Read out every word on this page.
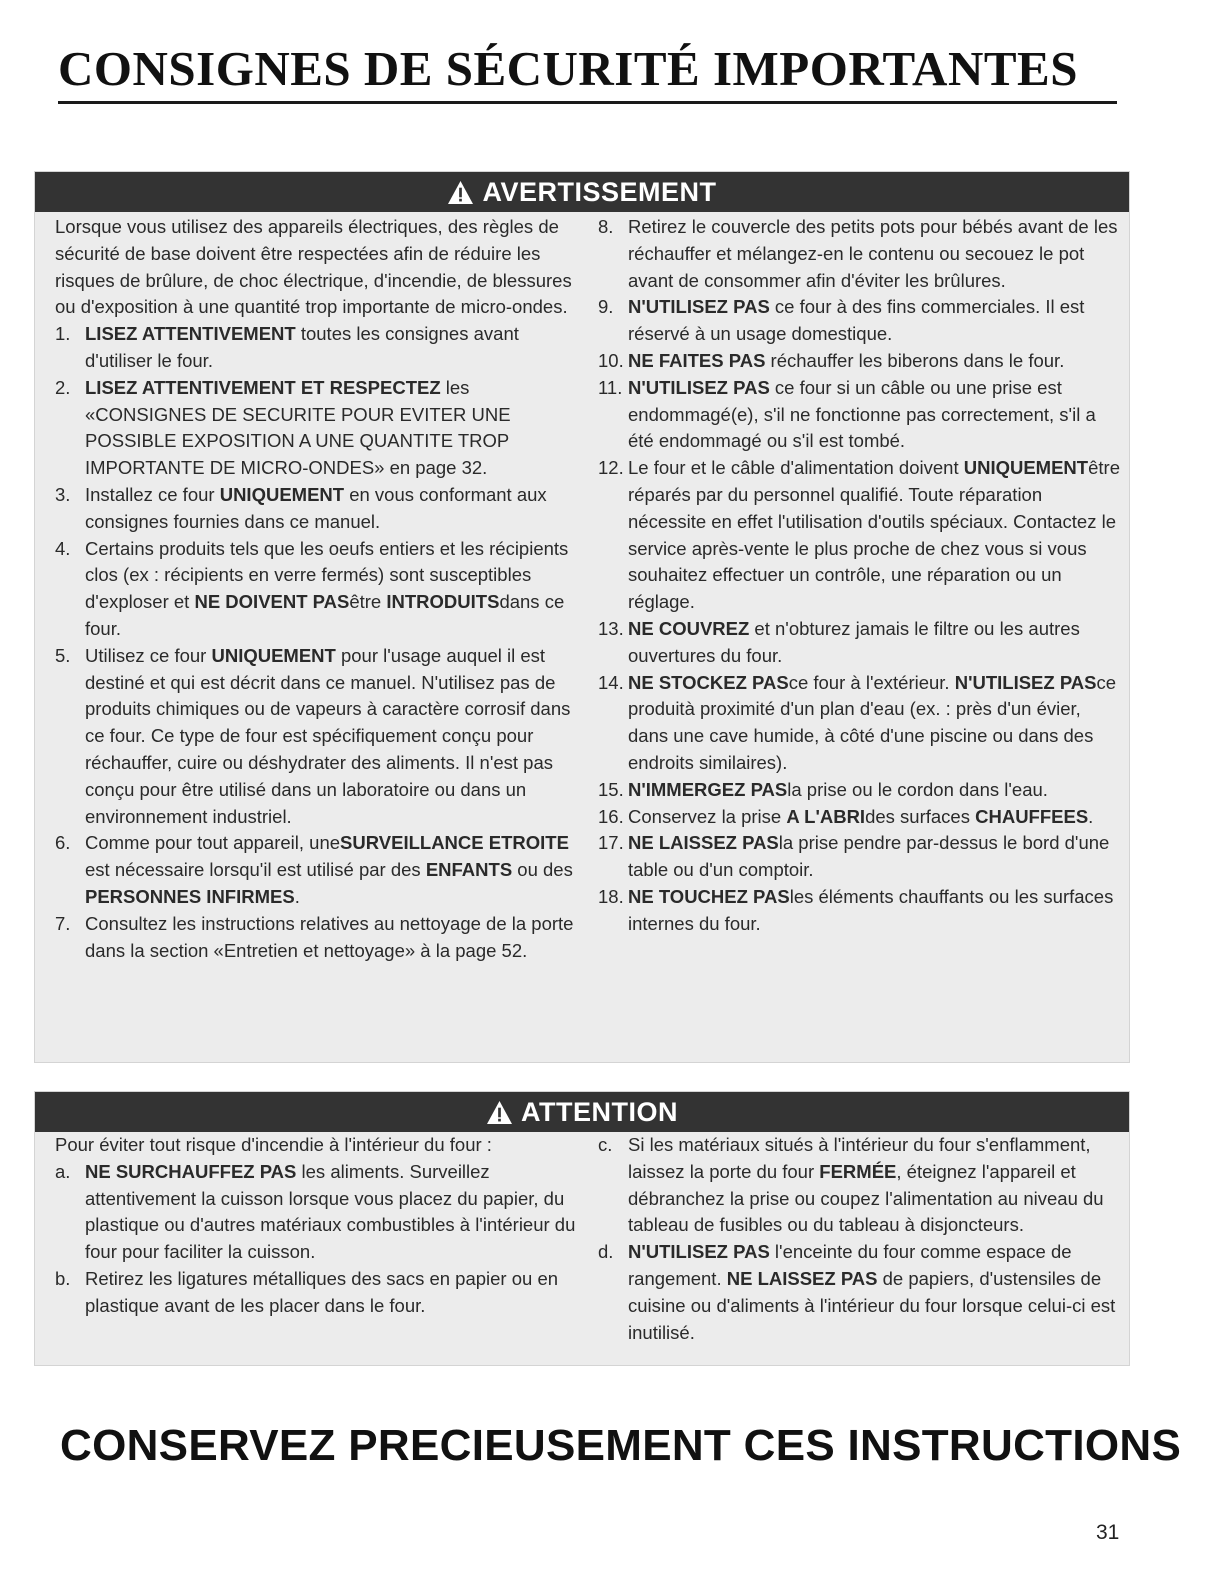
CONSIGNES DE SÉCURITÉ IMPORTANTES
AVERTISSEMENT
Lorsque vous utilisez des appareils électriques, des règles de sécurité de base doivent être respectées afin de réduire les risques de brûlure, de choc électrique, d'incendie, de blessures ou d'exposition à une quantité trop importante de micro-ondes.
1. LISEZ ATTENTIVEMENT toutes les consignes avant d'utiliser le four.
2. LISEZ ATTENTIVEMENT ET RESPECTEZ les «CONSIGNES DE SECURITE POUR EVITER UNE POSSIBLE EXPOSITION A UNE QUANTITE TROP IMPORTANTE DE MICRO-ONDES» en page 32.
3. Installez ce four UNIQUEMENT en vous conformant aux consignes fournies dans ce manuel.
4. Certains produits tels que les oeufs entiers et les récipients clos (ex : récipients en verre fermés) sont susceptibles d'exploser et NE DOIVENT PASêtre INTRODUITSdans ce four.
5. Utilisez ce four UNIQUEMENT pour l'usage auquel il est destiné et qui est décrit dans ce manuel. N'utilisez pas de produits chimiques ou de vapeurs à caractère corrosif dans ce four. Ce type de four est spécifiquement conçu pour réchauffer, cuire ou déshydrater des aliments. Il n'est pas conçu pour être utilisé dans un laboratoire ou dans un environnement industriel.
6. Comme pour tout appareil, uneSURVEILLANCE ETROITE est nécessaire lorsqu'il est utilisé par des ENFANTS ou des PERSONNES INFIRMES.
7. Consultez les instructions relatives au nettoyage de la porte dans la section «Entretien et nettoyage» à la page 52.
8. Retirez le couvercle des petits pots pour bébés avant de les réchauffer et mélangez-en le contenu ou secouez le pot avant de consommer afin d'éviter les brûlures.
9. N'UTILISEZ PAS ce four à des fins commerciales. Il est réservé à un usage domestique.
10. NE FAITES PAS réchauffer les biberons dans le four.
11. N'UTILISEZ PAS ce four si un câble ou une prise est endommagé(e), s'il ne fonctionne pas correctement, s'il a été endommagé ou s'il est tombé.
12. Le four et le câble d'alimentation doivent UNIQUEMENTêtre réparés par du personnel qualifié. Toute réparation nécessite en effet l'utilisation d'outils spéciaux. Contactez le service après-vente le plus proche de chez vous si vous souhaitez effectuer un contrôle, une réparation ou un réglage.
13. NE COUVREZ et n'obturez jamais le filtre ou les autres ouvertures du four.
14. NE STOCKEZ PASce four à l'extérieur. N'UTILISEZ PASce produità proximité d'un plan d'eau (ex. : près d'un évier, dans une cave humide, à côté d'une piscine ou dans des endroits similaires).
15. N'IMMERGEZ PASla prise ou le cordon dans l'eau.
16. Conservez la prise A L'ABRIdes surfaces CHAUFFEES.
17. NE LAISSEZ PASla prise pendre par-dessus le bord d'une table ou d'un comptoir.
18. NE TOUCHEZ PASles éléments chauffants ou les surfaces internes du four.
ATTENTION
Pour éviter tout risque d'incendie à l'intérieur du four :
a. NE SURCHAUFFEZ PAS les aliments. Surveillez attentivement la cuisson lorsque vous placez du papier, du plastique ou d'autres matériaux combustibles à l'intérieur du four pour faciliter la cuisson.
b. Retirez les ligatures métalliques des sacs en papier ou en plastique avant de les placer dans le four.
c. Si les matériaux situés à l'intérieur du four s'enflamment, laissez la porte du four FERMÉE, éteignez l'appareil et débranchez la prise ou coupez l'alimentation au niveau du tableau de fusibles ou du tableau à disjoncteurs.
d. N'UTILISEZ PAS l'enceinte du four comme espace de rangement. NE LAISSEZ PAS de papiers, d'ustensiles de cuisine ou d'aliments à l'intérieur du four lorsque celui-ci est inutilisé.
CONSERVEZ PRECIEUSEMENT CES INSTRUCTIONS
31
